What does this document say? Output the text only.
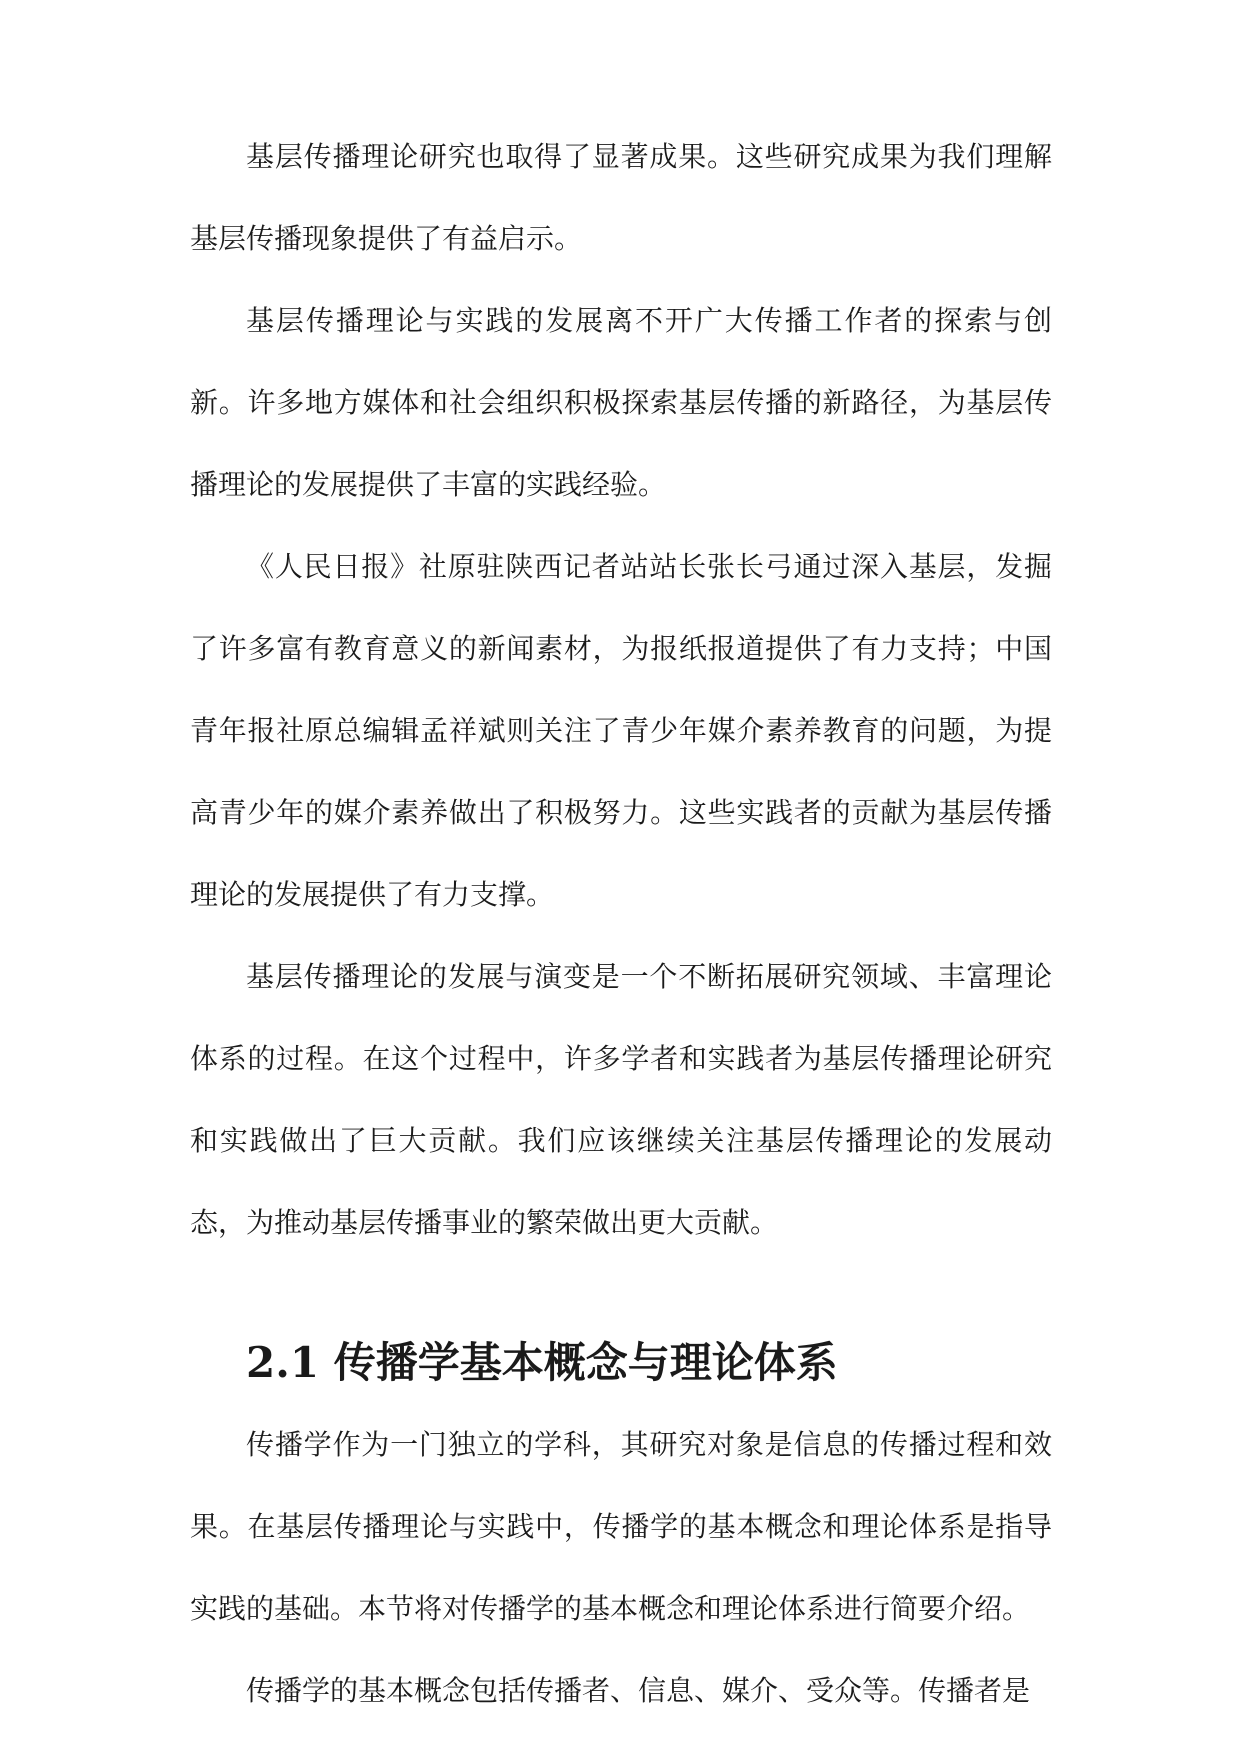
基层传播理论研究也取得了显著成果。这些研究成果为我们理解基层传播现象提供了有益启示。

基层传播理论与实践的发展离不开广大传播工作者的探索与创新。许多地方媒体和社会组织积极探索基层传播的新路径，为基层传播理论的发展提供了丰富的实践经验。

《人民日报》社原驻陕西记者站站长张长弓通过深入基层，发掘了许多富有教育意义的新闻素材，为报纸报道提供了有力支持；中国青年报社原总编辑孟祥斌则关注了青少年媒介素养教育的问题，为提高青少年的媒介素养做出了积极努力。这些实践者的贡献为基层传播理论的发展提供了有力支撑。

基层传播理论的发展与演变是一个不断拓展研究领域、丰富理论体系的过程。在这个过程中，许多学者和实践者为基层传播理论研究和实践做出了巨大贡献。我们应该继续关注基层传播理论的发展动态，为推动基层传播事业的繁荣做出更大贡献。

2.1 传播学基本概念与理论体系

传播学作为一门独立的学科，其研究对象是信息的传播过程和效果。在基层传播理论与实践中，传播学的基本概念和理论体系是指导实践的基础。本节将对传播学的基本概念和理论体系进行简要介绍。

传播学的基本概念包括传播者、信息、媒介、受众等。传播者是
